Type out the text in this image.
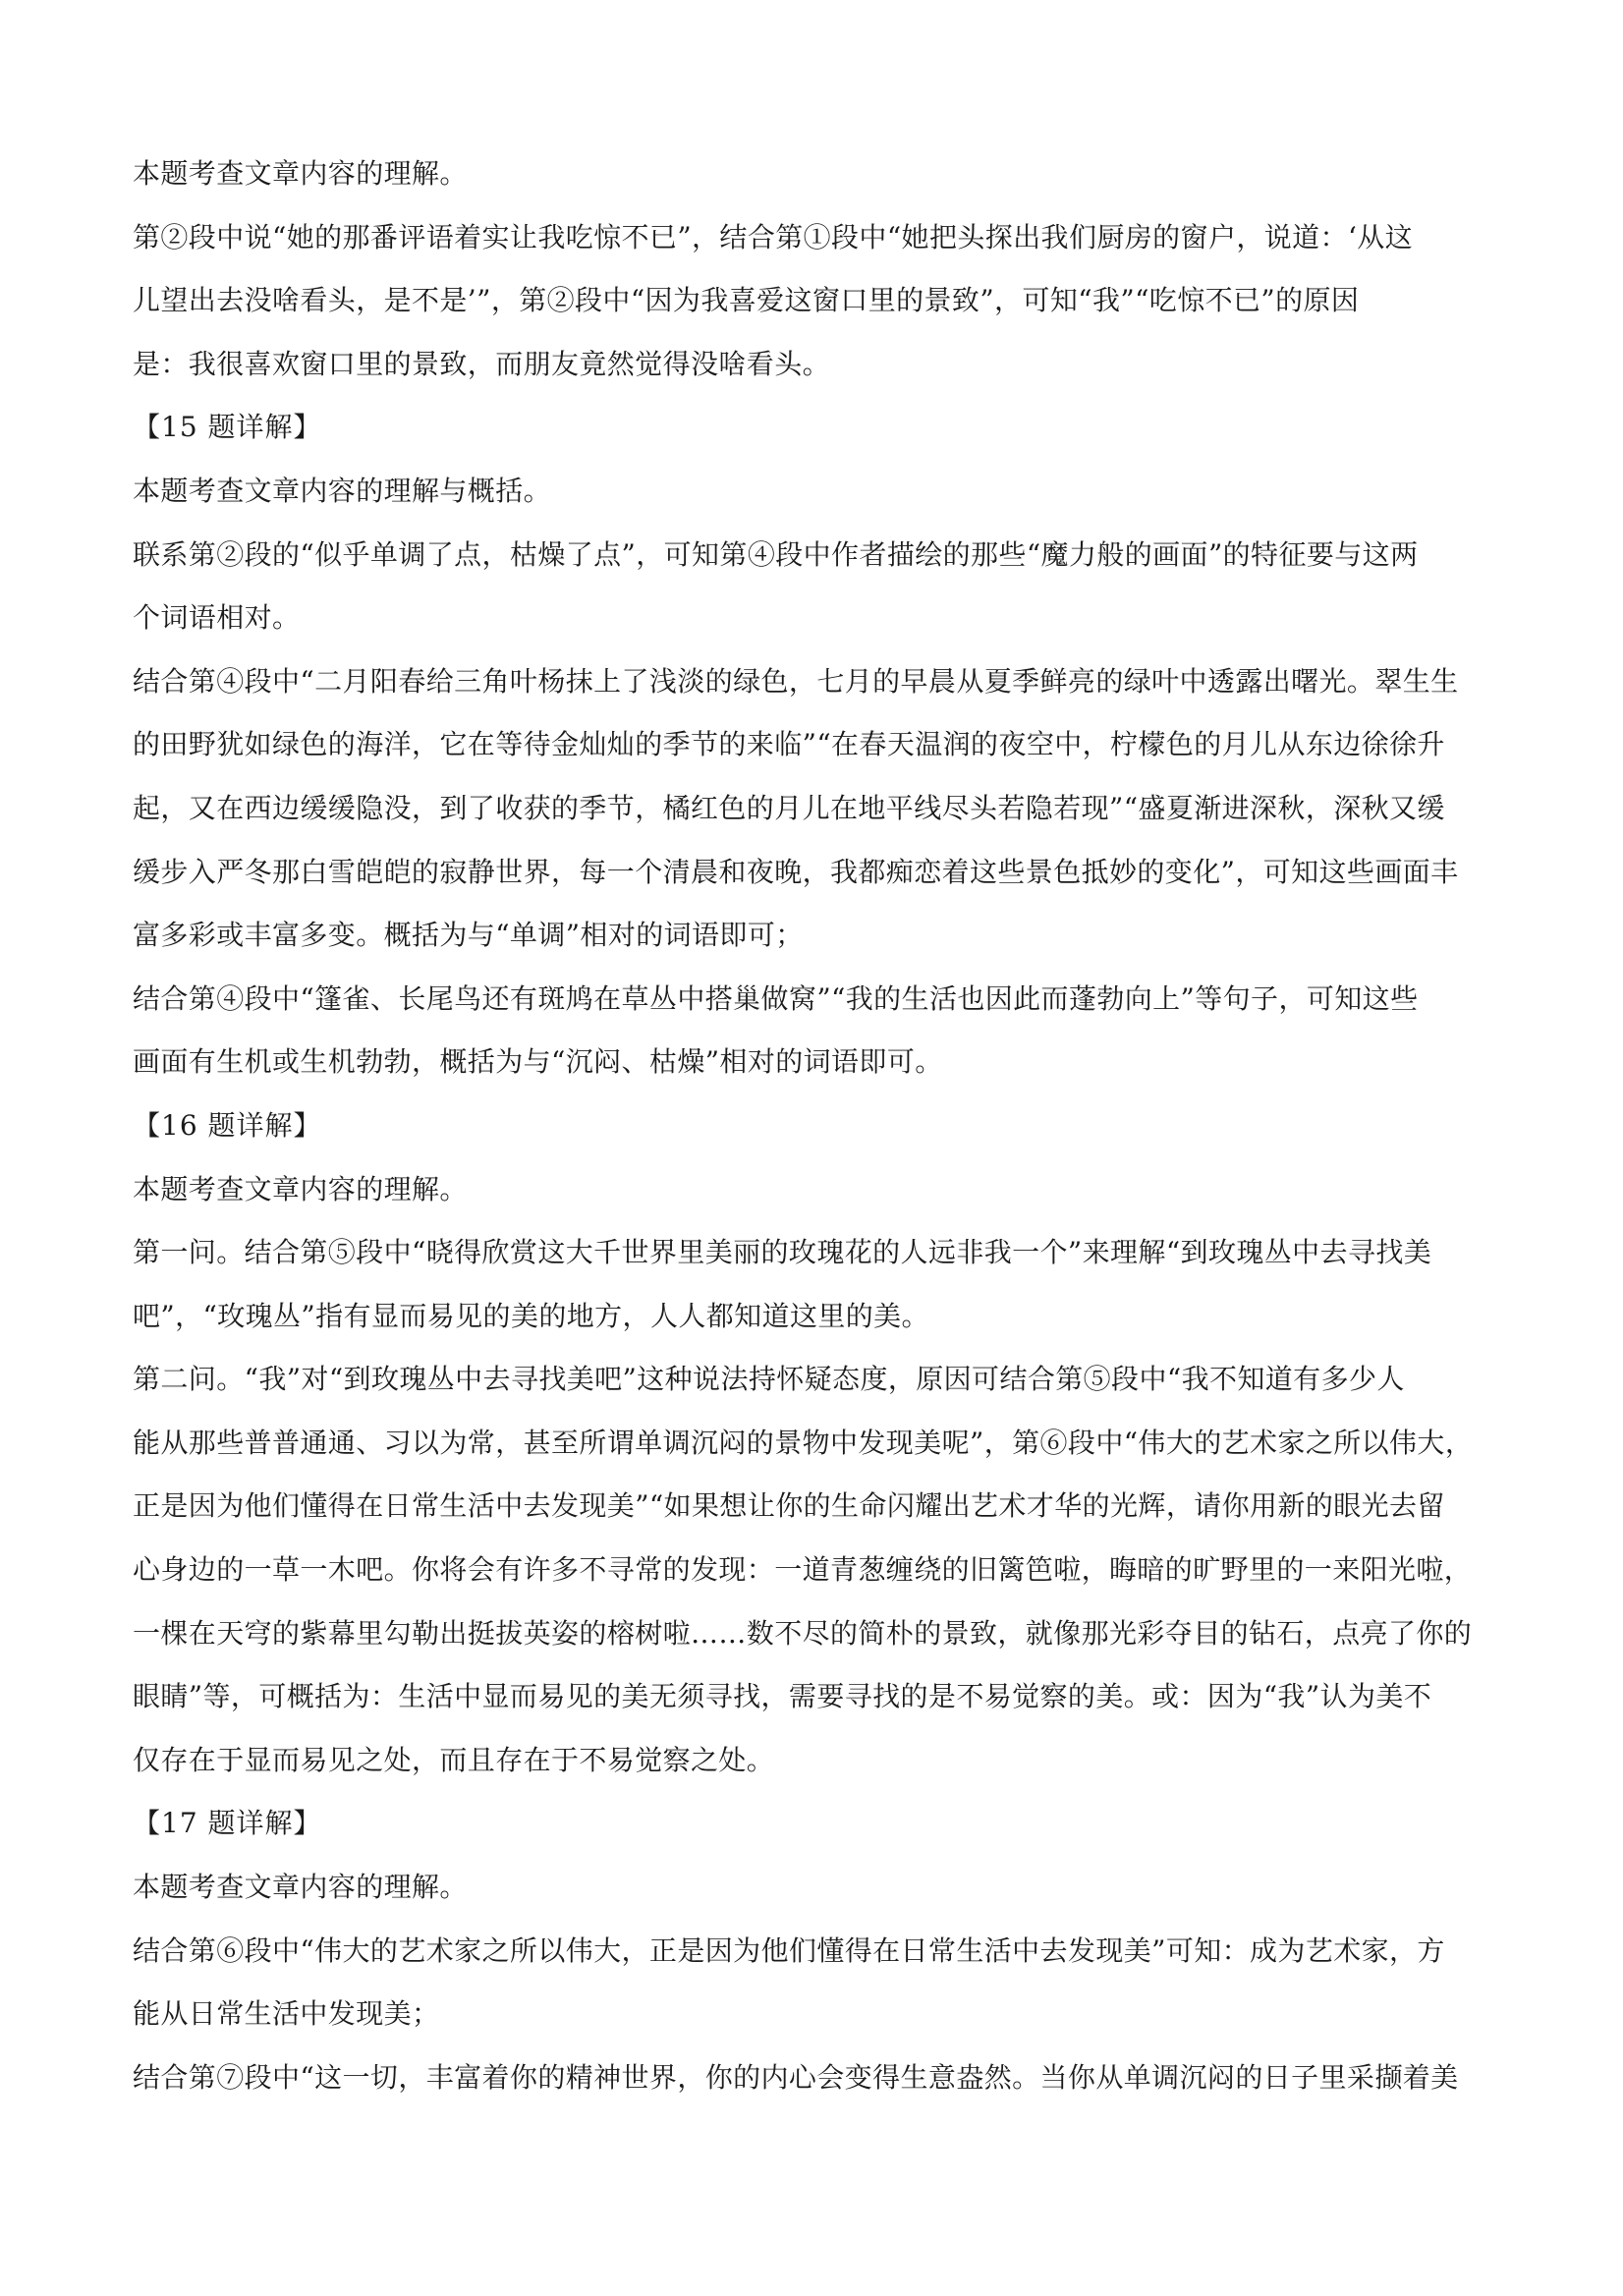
本题考查文章内容的理解。
第②段中说“她的那番评语着实让我吃惊不已”，结合第①段中“她把头探出我们厨房的窗户，说道：‘从这
儿望出去没啥看头，是不是’”，第②段中“因为我喜爱这窗口里的景致”，可知“我”“吃惊不已”的原因
是：我很喜欢窗口里的景致，而朋友竟然觉得没啥看头。
【15 题详解】
本题考查文章内容的理解与概括。
联系第②段的“似乎单调了点，枯燥了点”，可知第④段中作者描绘的那些“魔力般的画面”的特征要与这两
个词语相对。
结合第④段中“二月阳春给三角叶杨抹上了浅淡的绿色，七月的早晨从夏季鲜亮的绿叶中透露出曙光。翠生生
的田野犹如绿色的海洋，它在等待金灿灿的季节的来临”“在春天温润的夜空中，柠檬色的月儿从东边徐徐升
起，又在西边缓缓隐没，到了收获的季节，橘红色的月儿在地平线尽头若隐若现”“盛夏渐进深秋，深秋又缓
缓步入严冬那白雪皑皑的寂静世界，每一个清晨和夜晚，我都痴恋着这些景色抵妙的变化”，可知这些画面丰
富多彩或丰富多变。概括为与“单调”相对的词语即可；
结合第④段中“篷雀、长尾鸟还有斑鸠在草丛中搭巢做窝”“我的生活也因此而蓬勃向上”等句子，可知这些
画面有生机或生机勃勃，概括为与“沉闷、枯燥”相对的词语即可。
【16 题详解】
本题考查文章内容的理解。
第一问。结合第⑤段中“晓得欣赏这大千世界里美丽的玫瑰花的人远非我一个”来理解“到玫瑰丛中去寻找美
吧”，“玫瑰丛”指有显而易见的美的地方，人人都知道这里的美。
第二问。“我”对“到玫瑰丛中去寻找美吧”这种说法持怀疑态度，原因可结合第⑤段中“我不知道有多少人
能从那些普普通通、习以为常，甚至所谓单调沉闷的景物中发现美呢”，第⑥段中“伟大的艺术家之所以伟大，
正是因为他们懂得在日常生活中去发现美”“如果想让你的生命闪耀出艺术才华的光辉，请你用新的眼光去留
心身边的一草一木吧。你将会有许多不寻常的发现：一道青葱缠绕的旧篱笆啦，晦暗的旷野里的一来阳光啦，
一棵在天穹的紫幕里勾勒出挺拔英姿的榕树啦……数不尽的简朴的景致，就像那光彩夺目的钻石，点亮了你的
眼睛”等，可概括为：生活中显而易见的美无须寻找，需要寻找的是不易觉察的美。或：因为“我”认为美不
仅存在于显而易见之处，而且存在于不易觉察之处。
【17 题详解】
本题考查文章内容的理解。
结合第⑥段中“伟大的艺术家之所以伟大，正是因为他们懂得在日常生活中去发现美”可知：成为艺术家，方
能从日常生活中发现美；
结合第⑦段中“这一切，丰富着你的精神世界，你的内心会变得生意盎然。当你从单调沉闷的日子里采撷着美
